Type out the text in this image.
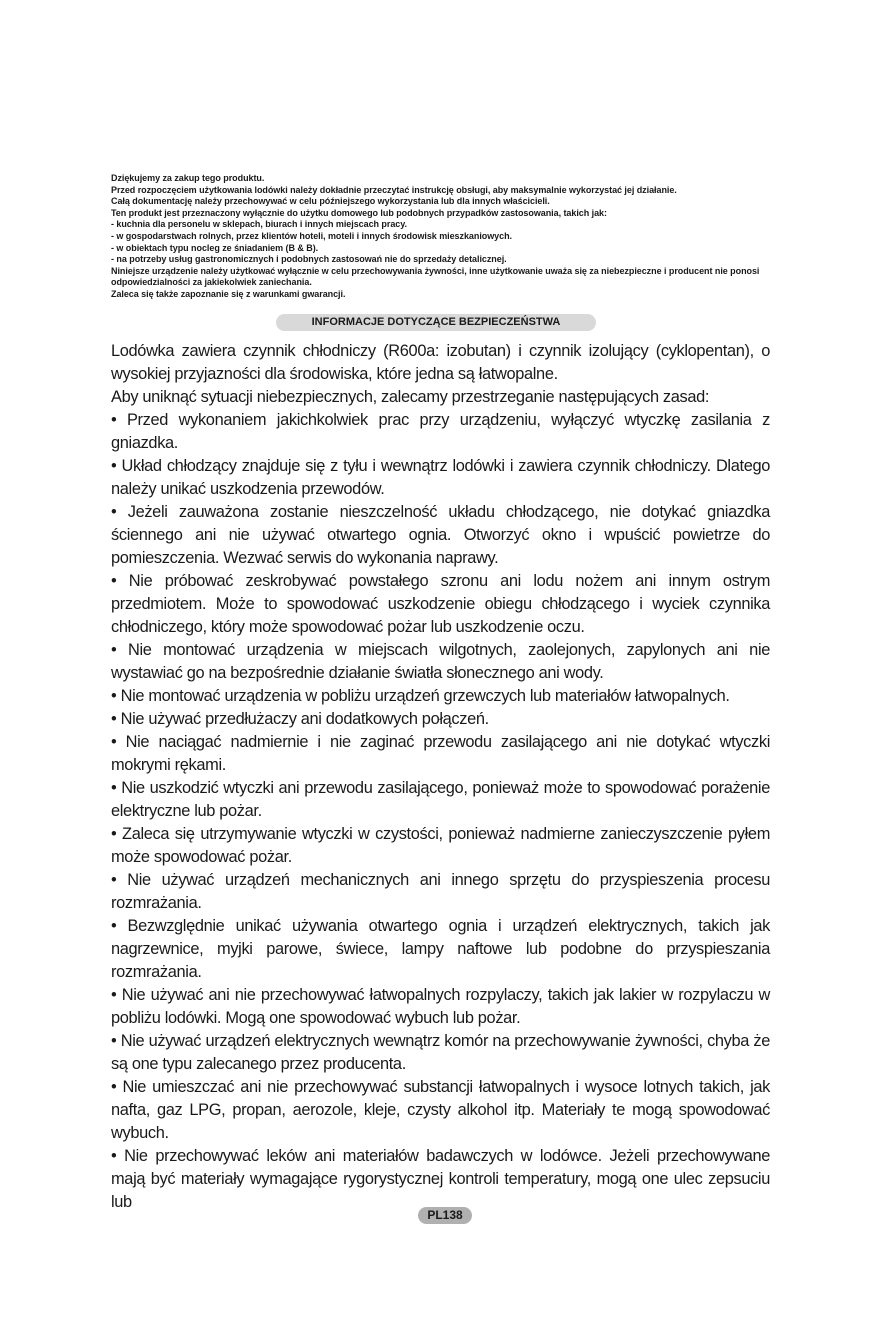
Dziękujemy za zakup tego produktu.
Przed rozpoczęciem użytkowania lodówki należy dokładnie przeczytać instrukcję obsługi, aby maksymalnie wykorzystać jej działanie.
Całą dokumentację należy przechowywać w celu późniejszego wykorzystania lub dla innych właścicieli.
Ten produkt jest przeznaczony wyłącznie do użytku domowego lub podobnych przypadków zastosowania, takich jak:
- kuchnia dla personelu w sklepach, biurach i innych miejscach pracy.
- w gospodarstwach rolnych, przez klientów hoteli, moteli i innych środowisk mieszkaniowych.
- w obiektach typu nocleg ze śniadaniem (B & B).
- na potrzeby usług gastronomicznych i podobnych zastosowań nie do sprzedaży detalicznej.
Niniejsze urządzenie należy użytkować wyłącznie w celu przechowywania żywności, inne użytkowanie uważa się za niebezpieczne i producent nie ponosi odpowiedzialności za jakiekolwiek zaniechania.
Zaleca się także zapoznanie się z warunkami gwarancji.
INFORMACJE DOTYCZĄCE BEZPIECZEŃSTWA

Lodówka zawiera czynnik chłodniczy (R600a: izobutan) i czynnik izolujący (cyklopentan), o wysokiej przyjazności dla środowiska, które jedna są łatwopalne.

Aby uniknąć sytuacji niebezpiecznych, zalecamy przestrzeganie następujących zasad:

• Przed wykonaniem jakichkolwiek prac przy urządzeniu, wyłączyć wtyczkę zasilania z gniazdka.

• Układ chłodzący znajduje się z tyłu i wewnątrz lodówki i zawiera czynnik chłodniczy. Dlatego należy unikać uszkodzenia przewodów.

• Jeżeli zauważona zostanie nieszczelność układu chłodzącego, nie dotykać gniazdka ściennego ani nie używać otwartego ognia. Otworzyć okno i wpuścić powietrze do pomieszczenia. Wezwać serwis do wykonania naprawy.

• Nie próbować zeskrobywać powstałego szronu ani lodu nożem ani innym ostrym przedmiotem. Może to spowodować uszkodzenie obiegu chłodzącego i wyciek czynnika chłodniczego, który może spowodować pożar lub uszkodzenie oczu.

• Nie montować urządzenia w miejscach wilgotnych, zaolejonych, zapylonych ani nie wystawiać go na bezpośrednie działanie światła słonecznego ani wody.

• Nie montować urządzenia w pobliżu urządzeń grzewczych lub materiałów łatwopalnych.

• Nie używać przedłużaczy ani dodatkowych połączeń.

• Nie naciągać nadmiernie i nie zaginać przewodu zasilającego ani nie dotykać wtyczki mokrymi rękami.

• Nie uszkodzić wtyczki ani przewodu zasilającego, ponieważ może to spowodować porażenie elektryczne lub pożar.

• Zaleca się utrzymywanie wtyczki w czystości, ponieważ nadmierne zanieczyszczenie pyłem może spowodować pożar.

• Nie używać urządzeń mechanicznych ani innego sprzętu do przyspieszenia procesu rozmrażania.

• Bezwzględnie unikać używania otwartego ognia i urządzeń elektrycznych, takich jak nagrzewnice, myjki parowe, świece, lampy naftowe lub podobne do przyspieszania rozmrażania.

• Nie używać ani nie przechowywać łatwopalnych rozpylaczy, takich jak lakier w rozpylaczu w pobliżu lodówki. Mogą one spowodować wybuch lub pożar.

• Nie używać urządzeń elektrycznych wewnątrz komór na przechowywanie żywności, chyba że są one typu zalecanego przez producenta.

• Nie umieszczać ani nie przechowywać substancji łatwopalnych i wysoce lotnych takich, jak nafta, gaz LPG, propan, aerozole, kleje, czysty alkohol itp. Materiały te mogą spowodować wybuch.

• Nie przechowywać leków ani materiałów badawczych w lodówce. Jeżeli przechowywane mają być materiały wymagające rygorystycznej kontroli temperatury, mogą one ulec zepsuciu lub

PL138
